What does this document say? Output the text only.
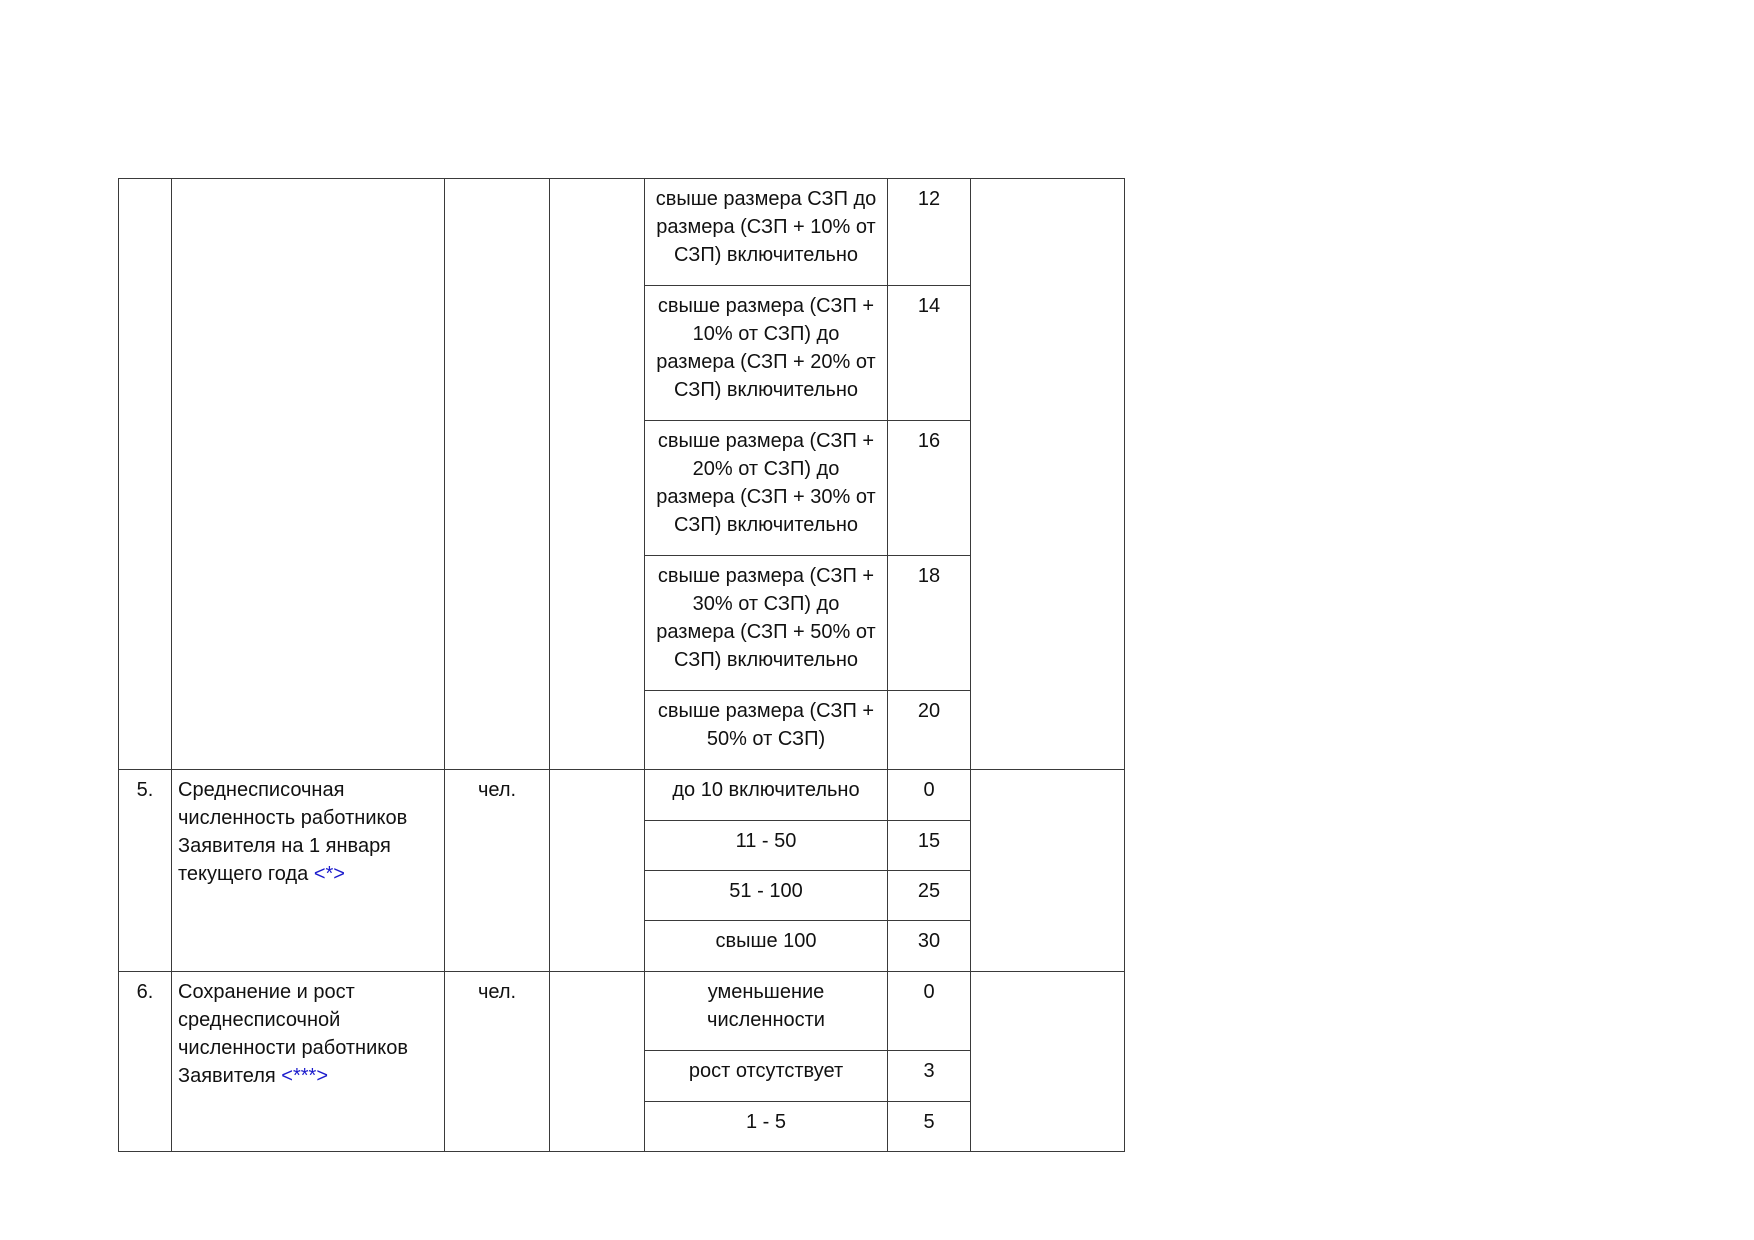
				свыше размера СЗП до размера (СЗП + 10% от СЗП) включительно	12	
				свыше размера (СЗП + 10% от СЗП) до размера (СЗП + 20% от СЗП) включительно	14	
				свыше размера (СЗП + 20% от СЗП) до размера (СЗП + 30% от СЗП) включительно	16	
				свыше размера (СЗП + 30% от СЗП) до размера (СЗП + 50% от СЗП) включительно	18	
				свыше размера (СЗП + 50% от СЗП)	20	
5.	Среднесписочная численность работников Заявителя на 1 января текущего года <*>	чел.		до 10 включительно	0	
				11 - 50	15	
				51 - 100	25	
				свыше 100	30	
6.	Сохранение и рост среднесписочной численности работников Заявителя <***>	чел.		уменьшение численности	0	
				рост отсутствует	3	
				1 - 5	5	
